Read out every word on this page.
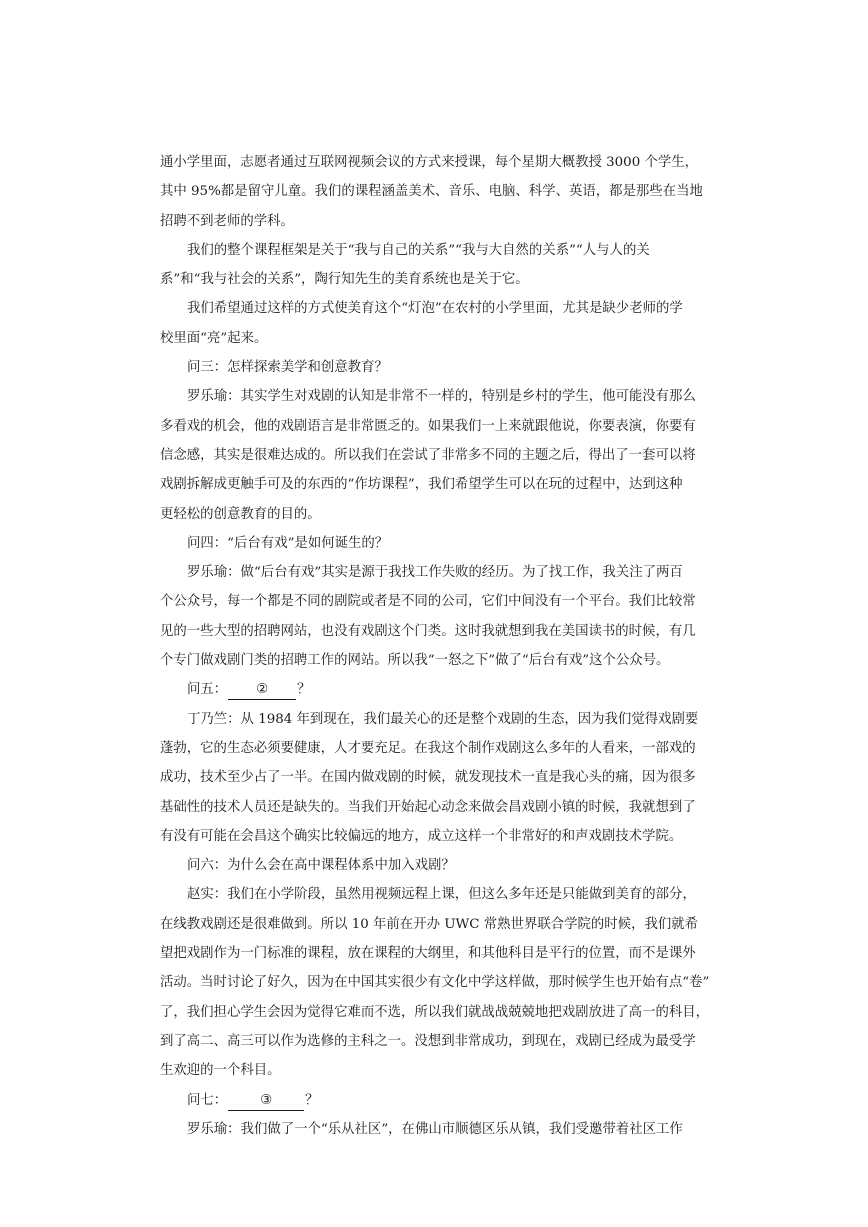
通小学里面，志愿者通过互联网视频会议的方式来授课，每个星期大概教授 3000 个学生，
其中 95%都是留守儿童。我们的课程涵盖美术、音乐、电脑、科学、英语，都是那些在当地
招聘不到老师的学科。
我们的整个课程框架是关于“我与自己的关系”“我与大自然的关系”“人与人的关
系”和“我与社会的关系”，陶行知先生的美育系统也是关于它。
我们希望通过这样的方式使美育这个“灯泡”在农村的小学里面，尤其是缺少老师的学
校里面“亮”起来。
问三：怎样探索美学和创意教育？
罗乐瑜：其实学生对戏剧的认知是非常不一样的，特别是乡村的学生，他可能没有那么
多看戏的机会，他的戏剧语言是非常匮乏的。如果我们一上来就跟他说，你要表演，你要有
信念感，其实是很难达成的。所以我们在尝试了非常多不同的主题之后，得出了一套可以将
戏剧拆解成更触手可及的东西的“作坊课程”，我们希望学生可以在玩的过程中，达到这种
更轻松的创意教育的目的。
问四：“后台有戏”是如何诞生的？
罗乐瑜：做“后台有戏”其实是源于我找工作失败的经历。为了找工作，我关注了两百
个公众号，每一个都是不同的剧院或者是不同的公司，它们中间没有一个平台。我们比较常
见的一些大型的招聘网站，也没有戏剧这个门类。这时我就想到我在美国读书的时候，有几
个专门做戏剧门类的招聘工作的网站。所以我“一怒之下”做了“后台有戏”这个公众号。
问五： ② ？
丁乃竺：从 1984 年到现在，我们最关心的还是整个戏剧的生态，因为我们觉得戏剧要
蓬勃，它的生态必须要健康，人才要充足。在我这个制作戏剧这么多年的人看来，一部戏的
成功，技术至少占了一半。在国内做戏剧的时候，就发现技术一直是我心头的痛，因为很多
基础性的技术人员还是缺失的。当我们开始起心动念来做会昌戏剧小镇的时候，我就想到了
有没有可能在会昌这个确实比较偏远的地方，成立这样一个非常好的和声戏剧技术学院。
问六：为什么会在高中课程体系中加入戏剧？
赵实：我们在小学阶段，虽然用视频远程上课，但这么多年还是只能做到美育的部分，
在线教戏剧还是很难做到。所以 10 年前在开办 UWC 常熟世界联合学院的时候，我们就希
望把戏剧作为一门标准的课程，放在课程的大纲里，和其他科目是平行的位置，而不是课外
活动。当时讨论了好久，因为在中国其实很少有文化中学这样做，那时候学生也开始有点“卷”
了，我们担心学生会因为觉得它难而不选，所以我们就战战兢兢地把戏剧放进了高一的科目，
到了高二、高三可以作为选修的主科之一。没想到非常成功，到现在，戏剧已经成为最受学
生欢迎的一个科目。
问七： ③ ？
罗乐瑜：我们做了一个“乐从社区”，在佛山市顺德区乐从镇，我们受邀带着社区工作
